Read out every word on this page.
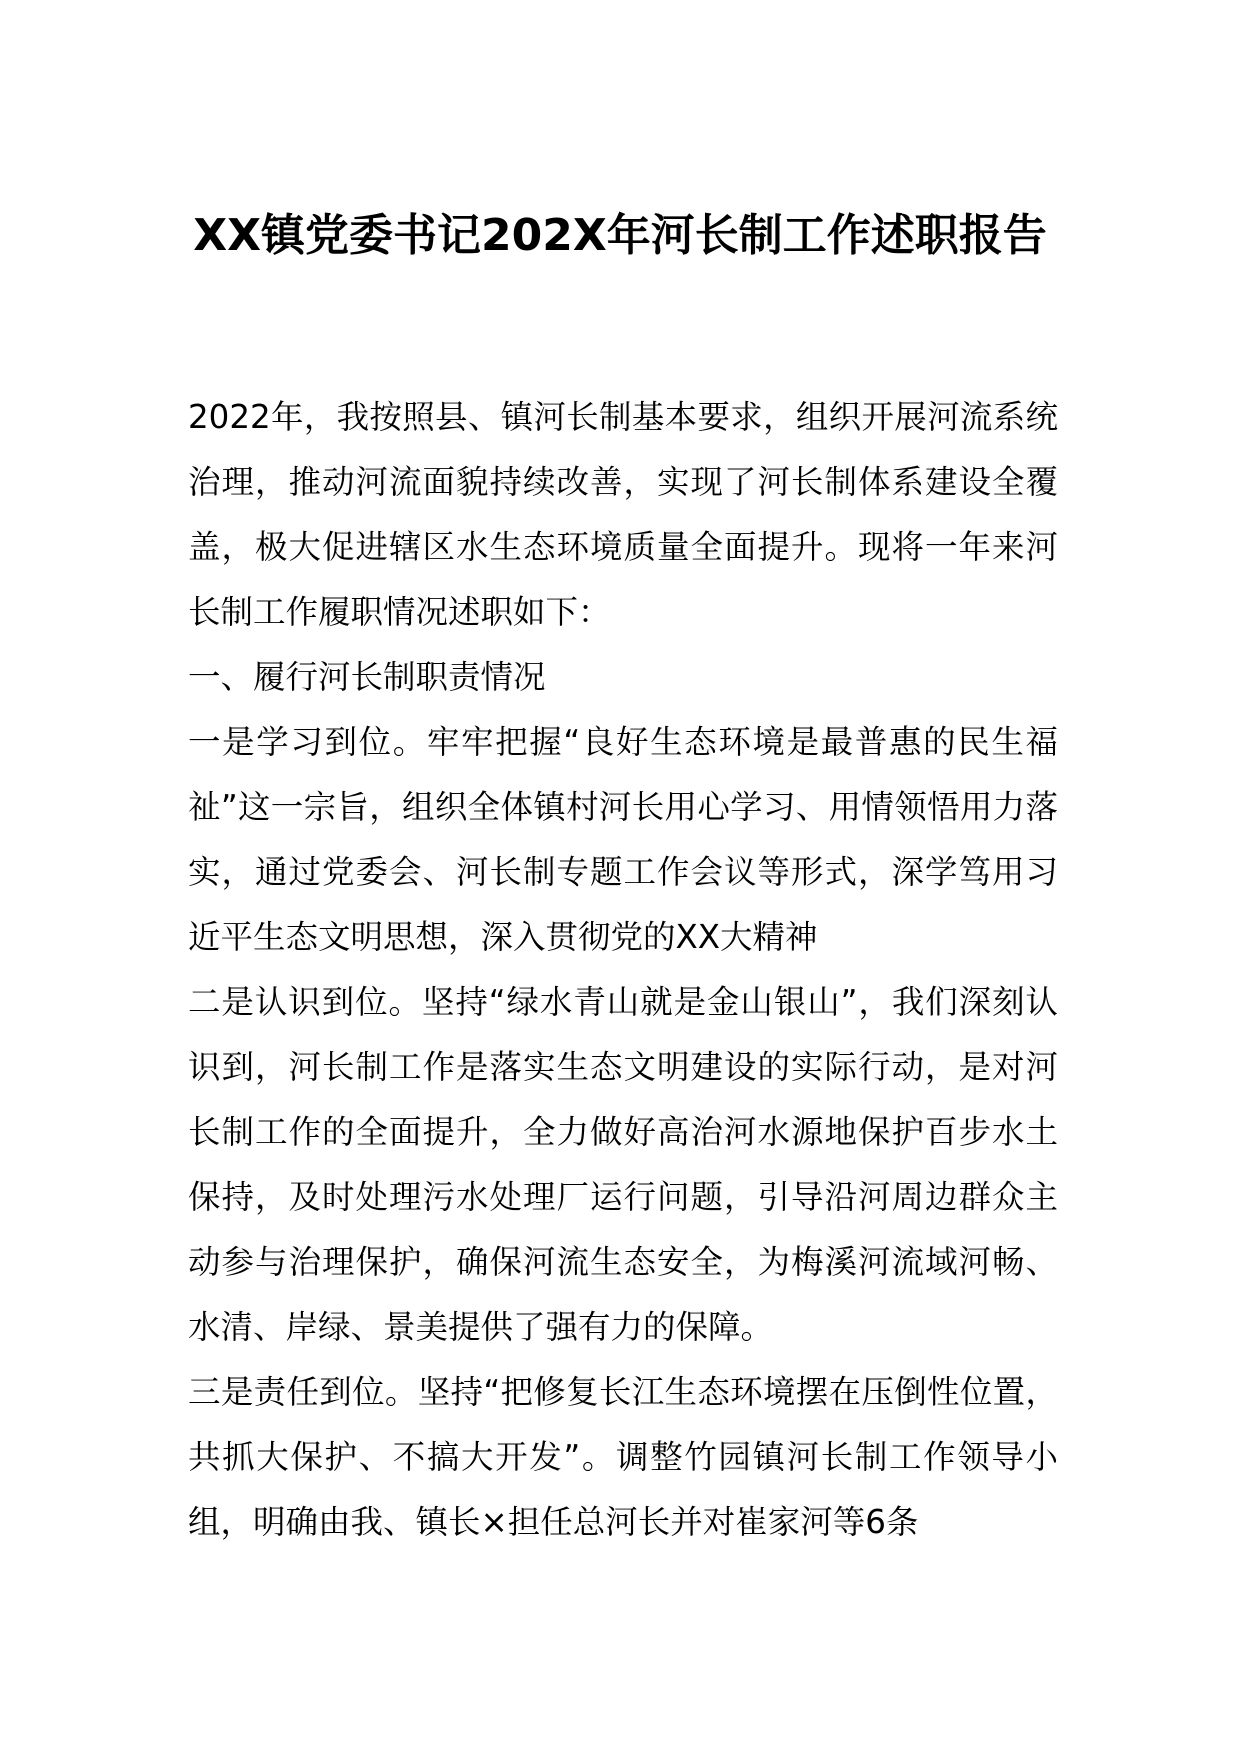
XX镇党委书记202X年河长制工作述职报告

2022年，我按照县、镇河长制基本要求，组织开展河流系统治理，推动河流面貌持续改善，实现了河长制体系建设全覆盖，极大促进辖区水生态环境质量全面提升。现将一年来河长制工作履职情况述职如下：

一、履行河长制职责情况

一是学习到位。牢牢把握“良好生态环境是最普惠的民生福祉”这一宗旨，组织全体镇村河长用心学习、用情领悟用力落实，通过党委会、河长制专题工作会议等形式，深学笃用习近平生态文明思想，深入贯彻党的XX大精神

二是认识到位。坚持“绿水青山就是金山银山”，我们深刻认识到，河长制工作是落实生态文明建设的实际行动，是对河长制工作的全面提升，全力做好高治河水源地保护百步水土保持，及时处理污水处理厂运行问题，引导沿河周边群众主动参与治理保护，确保河流生态安全，为梅溪河流域河畅、水清、岸绿、景美提供了强有力的保障。

三是责任到位。坚持“把修复长江生态环境摆在压倒性位置，共抓大保护、不搞大开发”。调整竹园镇河长制工作领导小组，明确由我、镇长×担任总河长并对崔家河等6条
